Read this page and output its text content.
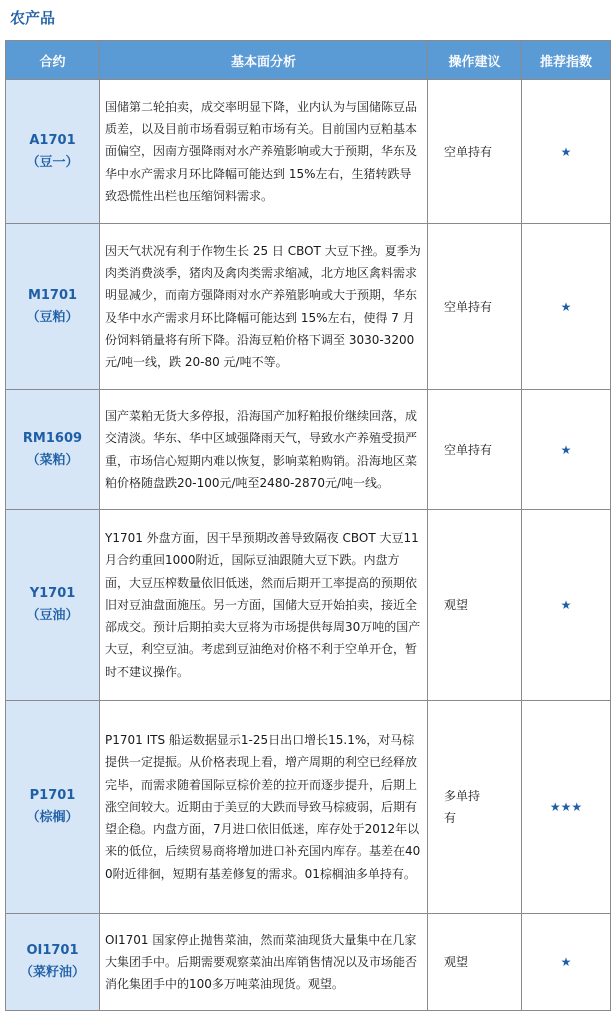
农产品
合约	基本面分析	操作建议	推荐指数

A1701
（豆一）	国储第二轮拍卖，成交率明显下降，业内认为与国储陈豆品质差，以及目前市场看弱豆粕市场有关。目前国内豆粕基本面偏空，因南方强降雨对水产养殖影响或大于预期，华东及华中水产需求月环比降幅可能达到 15%左右，生猪转跌导致恐慌性出栏也压缩饲料需求。	空单持有	★

M1701
（豆粕）	因天气状况有利于作物生长 25 日 CBOT 大豆下挫。夏季为肉类消费淡季，猪肉及禽肉类需求缩减，北方地区禽料需求明显减少，而南方强降雨对水产养殖影响或大于预期，华东及华中水产需求月环比降幅可能达到 15%左右，使得 7 月份饲料销量将有所下降。沿海豆粕价格下调至 3030-3200 元/吨一线，跌 20-80 元/吨不等。	空单持有	★

RM1609
（菜粕）	国产菜粕无货大多停报，沿海国产加籽粕报价继续回落，成交清淡。华东、华中区域强降雨天气，导致水产养殖受损严重，市场信心短期内难以恢复，影响菜粕购销。沿海地区菜粕价格随盘跌20-100元/吨至2480-2870元/吨一线。	空单持有	★

Y1701
（豆油）	Y1701 外盘方面，因干旱预期改善导致隔夜 CBOT 大豆11月合约重回1000附近，国际豆油跟随大豆下跌。内盘方面，大豆压榨数量依旧低迷，然而后期开工率提高的预期依旧对豆油盘面施压。另一方面，国储大豆开始拍卖，接近全部成交。预计后期拍卖大豆将为市场提供每周30万吨的国产大豆，利空豆油。考虑到豆油绝对价格不利于空单开仓，暂时不建议操作。	观望	★

P1701
（棕榈）	P1701 ITS 船运数据显示1-25日出口增长15.1%，对马棕提供一定提振。从价格表现上看，增产周期的利空已经释放完毕，而需求随着国际豆棕价差的拉开而逐步提升，后期上涨空间较大。近期由于美豆的大跌而导致马棕疲弱，后期有望企稳。内盘方面，7月进口依旧低迷，库存处于2012年以来的低位，后续贸易商将增加进口补充国内库存。基差在400附近徘徊，短期有基差修复的需求。01棕榈油多单持有。	多单持有	★★★

OI1701
（菜籽油）	OI1701 国家停止抛售菜油，然而菜油现货大量集中在几家大集团手中。后期需要观察菜油出库销售情况以及市场能否消化集团手中的100多万吨菜油现货。观望。	观望	★
